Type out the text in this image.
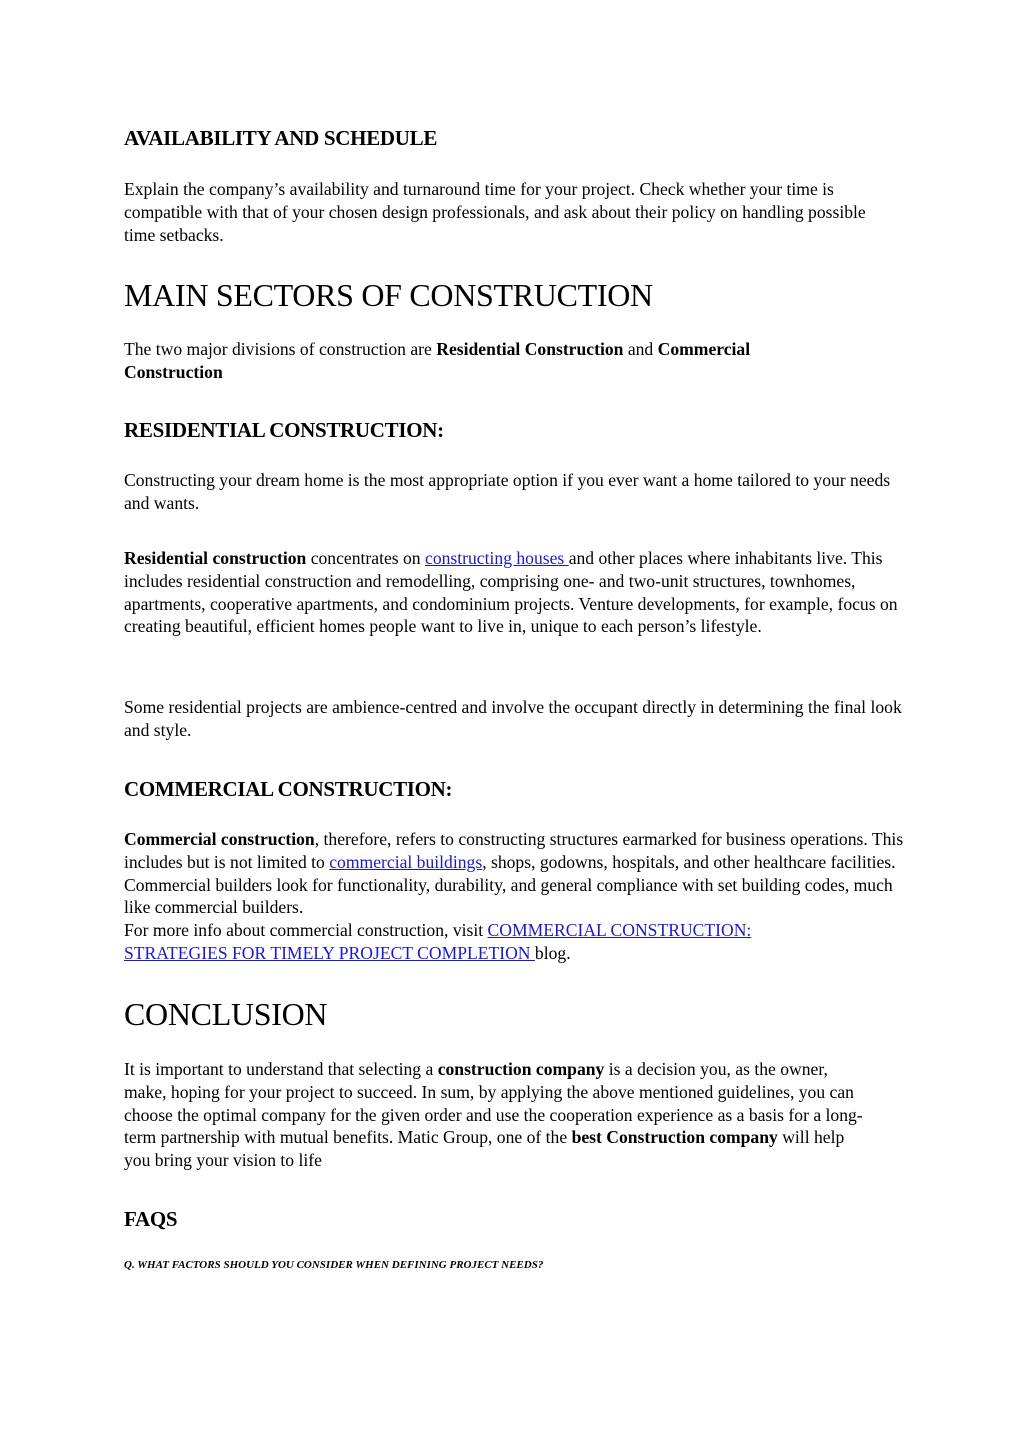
AVAILABILITY AND SCHEDULE
Explain the company’s availability and turnaround time for your project. Check whether your time is compatible with that of your chosen design professionals, and ask about their policy on handling possible time setbacks.
MAIN SECTORS OF CONSTRUCTION
The two major divisions of construction are Residential Construction and Commercial Construction
RESIDENTIAL CONSTRUCTION:
Constructing your dream home is the most appropriate option if you ever want a home tailored to your needs and wants.
Residential construction concentrates on constructing houses and other places where inhabitants live. This includes residential construction and remodelling, comprising one- and two-unit structures, townhomes, apartments, cooperative apartments, and condominium projects. Venture developments, for example, focus on creating beautiful, efficient homes people want to live in, unique to each person’s lifestyle.
Some residential projects are ambience-centred and involve the occupant directly in determining the final look and style.
COMMERCIAL CONSTRUCTION:
Commercial construction, therefore, refers to constructing structures earmarked for business operations. This includes but is not limited to commercial buildings, shops, godowns, hospitals, and other healthcare facilities. Commercial builders look for functionality, durability, and general compliance with set building codes, much like commercial builders.
For more info about commercial construction, visit COMMERCIAL CONSTRUCTION: STRATEGIES FOR TIMELY PROJECT COMPLETION blog.
CONCLUSION
It is important to understand that selecting a construction company is a decision you, as the owner, make, hoping for your project to succeed. In sum, by applying the above mentioned guidelines, you can choose the optimal company for the given order and use the cooperation experience as a basis for a long-term partnership with mutual benefits. Matic Group, one of the best Construction company will help you bring your vision to life
FAQS
Q. WHAT FACTORS SHOULD YOU CONSIDER WHEN DEFINING PROJECT NEEDS?
